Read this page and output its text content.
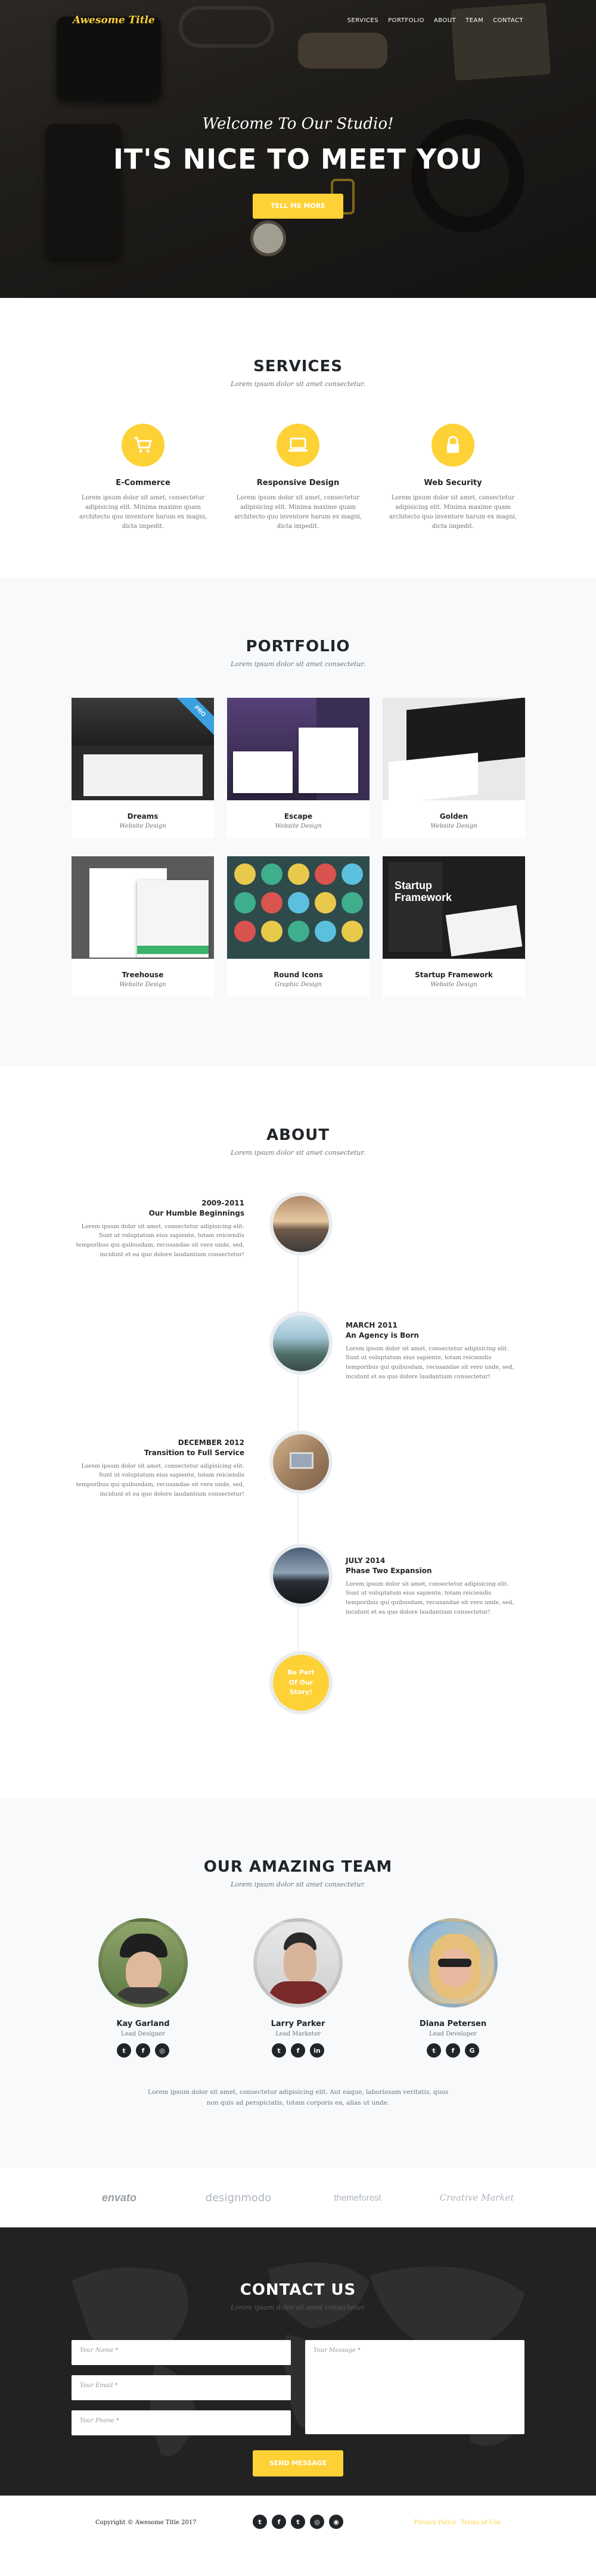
Awesome Title	SERVICES PORTFOLIO ABOUT TEAM CONTACT
Welcome To Our Studio!
IT'S NICE TO MEET YOU
TELL ME MORE
SERVICES
Lorem ipsum dolor sit amet consectetur.
E-Commerce

Lorem ipsum dolor sit amet, consectetur adipisicing elit. Minima maxime quam architecto quo inventore harum ex magni, dicta impedit.

Responsive Design

Lorem ipsum dolor sit amet, consectetur adipisicing elit. Minima maxime quam architecto quo inventore harum ex magni, dicta impedit.

Web Security

Lorem ipsum dolor sit amet, consectetur adipisicing elit. Minima maxime quam architecto quo inventore harum ex magni, dicta impedit.

PORTFOLIO
Lorem ipsum dolor sit amet consectetur.
PRO
Dreams

Website Design

Escape

Website Design

Golden

Website Design

Treehouse

Website Design

Round Icons

Graphic Design

Startup
Framework
Startup Framework

Website Design

ABOUT
Lorem ipsum dolor sit amet consectetur.
2009-2011
Our Humble Beginnings

Lorem ipsum dolor sit amet, consectetur adipisicing elit. Sunt ut voluptatum eius sapiente, totam reiciendis temporibus qui quibusdam, recusandae sit vero unde, sed, incidunt et ea quo dolore laudantium consectetur!

MARCH 2011
An Agency is Born

Lorem ipsum dolor sit amet, consectetur adipisicing elit. Sunt ut voluptatum eius sapiente, totam reiciendis temporibus qui quibusdam, recusandae sit vero unde, sed, incidunt et ea quo dolore laudantium consectetur!

DECEMBER 2012
Transition to Full Service

Lorem ipsum dolor sit amet, consectetur adipisicing elit. Sunt ut voluptatum eius sapiente, totam reiciendis temporibus qui quibusdam, recusandae sit vero unde, sed, incidunt et ea quo dolore laudantium consectetur!

JULY 2014
Phase Two Expansion

Lorem ipsum dolor sit amet, consectetur adipisicing elit. Sunt ut voluptatum eius sapiente, totam reiciendis temporibus qui quibusdam, recusandae sit vero unde, sed, incidunt et ea quo dolore laudantium consectetur!

Be Part
Of Our
Story!
OUR AMAZING TEAM
Lorem ipsum dolor sit amet consectetur.
Kay Garland
Lead Designer
t	f	◎
Larry Parker
Lead Marketer
t	f	in
Diana Petersen
Lead Developer
t	f	G
Lorem ipsum dolor sit amet, consectetur adipisicing elit. Aut eaque, laboriosam veritatis, quos non quis ad perspiciatis, totam corporis ea, alias ut unde.
envato	designmodo	themeforest	Creative Market
CONTACT US
Lorem ipsum dolor sit amet consectetur.
Your Name *
Your Email *
Your Phone *
Your Message *
SEND MESSAGE
Copyright © Awesome Title 2017	t	f	t	◎	◉	Privacy Policy Terms of Use
